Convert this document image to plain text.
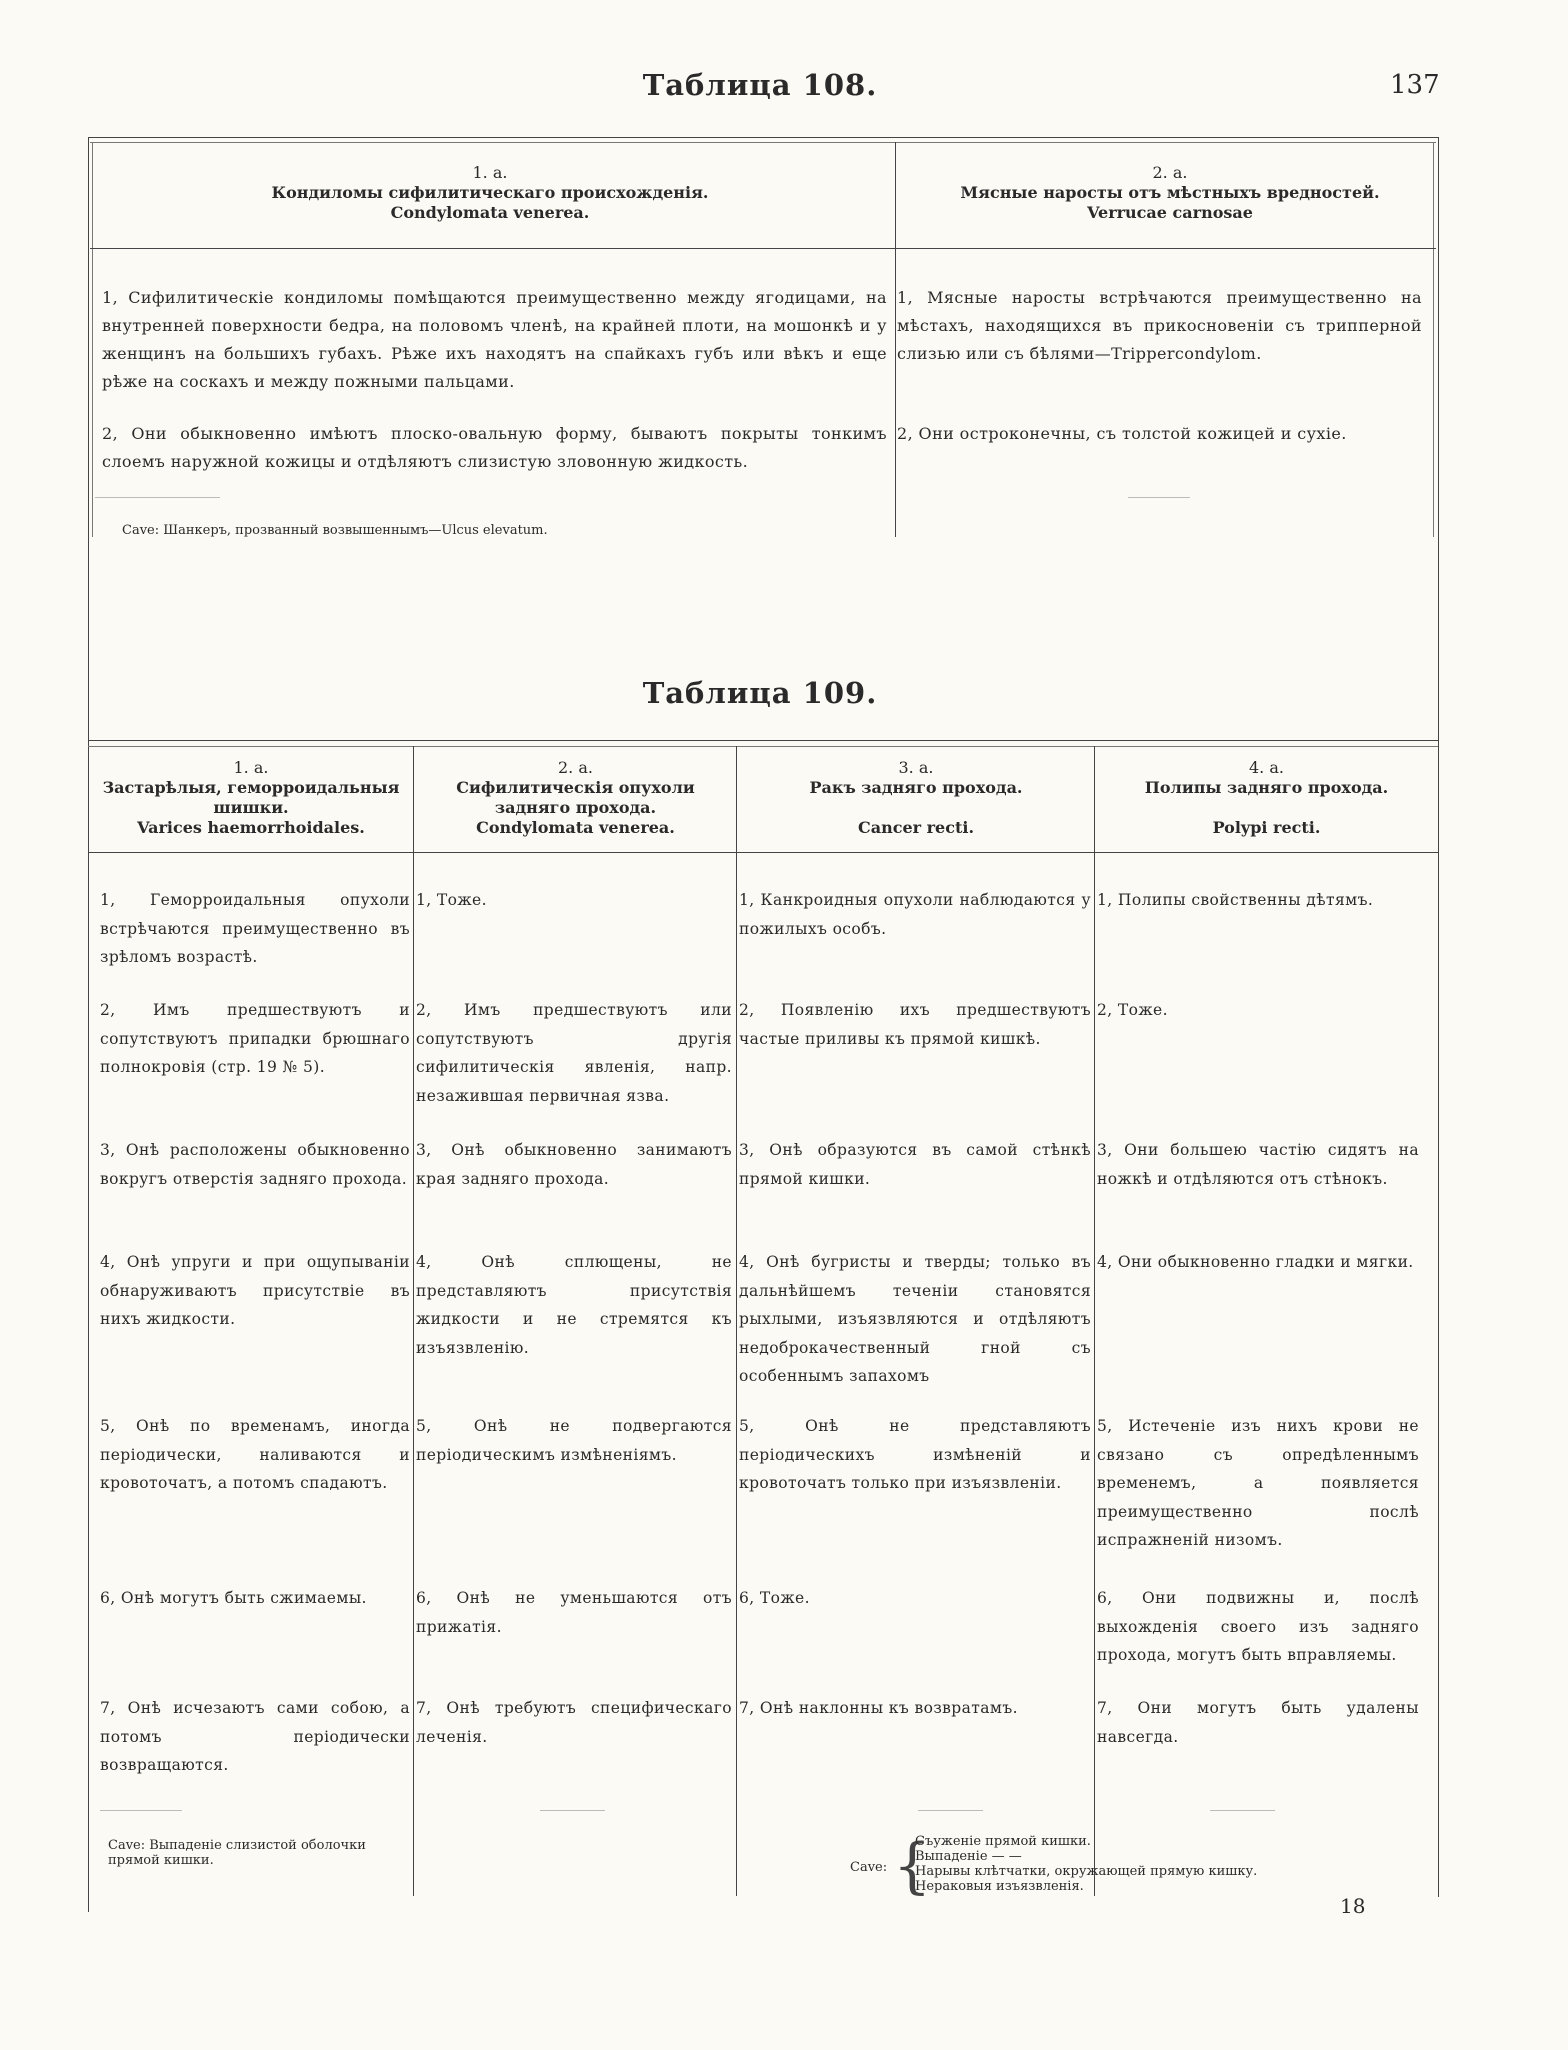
Таблица 108.	137
1. а.
Кондиломы сифилитическаго происхожденія.
Condylomata venerea.
2. а.
Мясные наросты отъ мѣстныхъ вредностей.
Verrucae carnosae
1, Сифилитическіе кондиломы помѣщаются преимущественно между ягодицами, на внутренней поверхности бедра, на половомъ членѣ, на крайней плоти, на мошонкѣ и у женщинъ на большихъ губахъ. Рѣже ихъ находятъ на спайкахъ губъ или вѣкъ и еще рѣже на соскахъ и между пожными пальцами.
2, Они обыкновенно имѣютъ плоско-овальную форму, бываютъ покрыты тонкимъ слоемъ наружной кожицы и отдѣляютъ слизистую зловонную жидкость.
Cave: Шанкеръ, прозванный возвышеннымъ—Ulcus elevatum.
1, Мясные наросты встрѣчаются преимущественно на мѣстахъ, находящихся въ прикосновеніи съ трипперной слизью или съ бѣлями—Trippercondylom.
2, Они остроконечны, съ толстой кожицей и сухіе.
Таблица 109.
1. а.
Застарѣлыя, геморроидальныя шишки.
Varices haemorrhoidales.
2. а.
Сифилитическія опухоли задняго прохода.
Condylomata venerea.
3. а.
Ракъ задняго прохода.
Cancer recti.
4. а.
Полипы задняго прохода.
Polypi recti.
1, Геморроидальныя опухоли встрѣчаются преимущественно въ зрѣломъ возрастѣ.
2, Имъ предшествуютъ и сопутствуютъ припадки брюшнаго полнокровія (стр. 19 № 5).
3, Онѣ расположены обыкновенно вокругъ отверстія задняго прохода.
4, Онѣ упруги и при ощупываніи обнаруживаютъ присутствіе въ нихъ жидкости.
5, Онѣ по временамъ, иногда періодически, наливаются и кровоточатъ, а потомъ спадаютъ.
6, Онѣ могутъ быть сжимаемы.
7, Онѣ исчезаютъ сами собою, а потомъ періодически возвращаются.
Cave: Выпаденіе слизистой оболочки прямой кишки.
1, Тоже.
2, Имъ предшествуютъ или сопутствуютъ другія сифилитическія явленія, напр. незажившая первичная язва.
3, Онѣ обыкновенно занимаютъ края задняго прохода.
4, Онѣ сплющены, не представляютъ присутствія жидкости и не стремятся къ изъязвленію.
5, Онѣ не подвергаются періодическимъ измѣненіямъ.
6, Онѣ не уменьшаются отъ прижатія.
7, Онѣ требуютъ специфическаго леченія.
1, Канкроидныя опухоли наблюдаются у пожилыхъ особъ.
2, Появленію ихъ предшествуютъ частые приливы къ прямой кишкѣ.
3, Онѣ образуются въ самой стѣнкѣ прямой кишки.
4, Онѣ бугристы и тверды; только въ дальнѣйшемъ теченіи становятся рыхлыми, изъязвляются и отдѣляютъ недоброкачественный гной съ особеннымъ запахомъ
5, Онѣ не представляютъ періодическихъ измѣненій и кровоточатъ только при изъязвленіи.
6, Тоже.
7, Онѣ наклонны къ возвратамъ.
Cave: {
Съуженіе прямой кишки.
Выпаденіе — —
Нарывы клѣтчатки, окружающей прямую кишку.
Нераковыя изъязвленія.
1, Полипы свойственны дѣтямъ.
2, Тоже.
3, Они большею частію сидятъ на ножкѣ и отдѣляются отъ стѣнокъ.
4, Они обыкновенно гладки и мягки.
5, Истеченіе изъ нихъ крови не связано съ опредѣленнымъ временемъ, а появляется преимущественно послѣ испражненій низомъ.
6, Они подвижны и, послѣ выхожденія своего изъ задняго прохода, могутъ быть вправляемы.
7, Они могутъ быть удалены навсегда.
18
